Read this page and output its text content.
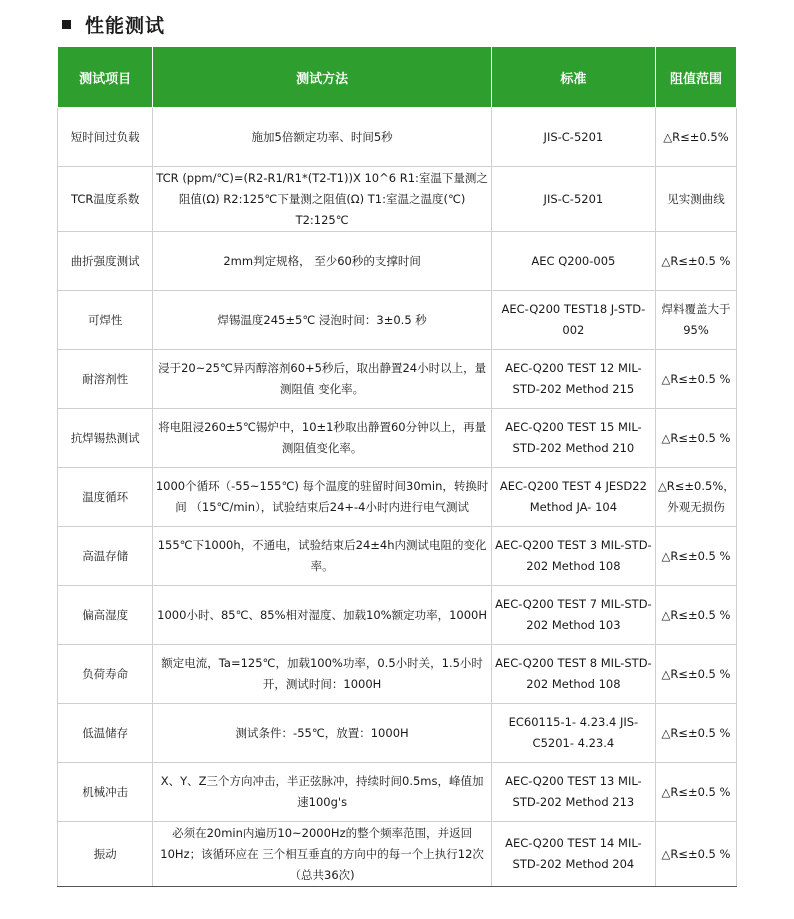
性能测试
测试项目	测试方法	标准	阻值范围
短时间过负载	施加5倍额定功率、时间5秒	JIS-C-5201	△R≤±0.5%
TCR温度系数	TCR (ppm/℃)=(R2-R1/R1*(T2-T1))X 10^6 R1:室温下量测之阻值(Ω) R2:125℃下量测之阻值(Ω) T1:室温之温度(℃) T2:125℃	JIS-C-5201	见实测曲线
曲折强度测试	2mm判定规格， 至少60秒的支撑时间	AEC Q200-005	△R≤±0.5 %
可焊性	焊锡温度245±5℃ 浸泡时间：3±0.5 秒	AEC-Q200 TEST18 J-STD-002	焊料覆盖大于95%
耐溶剂性	浸于20~25℃异丙醇溶剂60+5秒后，取出静置24小时以上，量测阻值 变化率。	AEC-Q200 TEST 12 MIL-STD-202 Method 215	△R≤±0.5 %
抗焊锡热测试	将电阻浸260±5℃锡炉中，10±1秒取出静置60分钟以上，再量测阻值变化率。	AEC-Q200 TEST 15 MIL-STD-202 Method 210	△R≤±0.5 %
温度循环	1000个循环（-55~155℃) 每个温度的驻留时间30min，转换时间 （15℃/min），试验结束后24+-4小时内进行电气测试	AEC-Q200 TEST 4 JESD22 Method JA- 104	△R≤±0.5%，外观无损伤
高温存储	155℃下1000h，不通电，试验结束后24±4h内测试电阻的变化率。	AEC-Q200 TEST 3 MIL-STD-202 Method 108	△R≤±0.5 %
偏高湿度	1000小时、85℃、85%相对湿度、加载10%额定功率，1000H	AEC-Q200 TEST 7 MIL-STD-202 Method 103	△R≤±0.5 %
负荷寿命	额定电流，Ta=125℃，加载100%功率，0.5小时关，1.5小时开，测试时间：1000H	AEC-Q200 TEST 8 MIL-STD-202 Method 108	△R≤±0.5 %
低温储存	测试条件：-55℃，放置：1000H	EC60115-1- 4.23.4 JIS-C5201- 4.23.4	△R≤±0.5 %
机械冲击	X、Y、Z三个方向冲击，半正弦脉冲，持续时间0.5ms，峰值加速100g's	AEC-Q200 TEST 13 MIL-STD-202 Method 213	△R≤±0.5 %
振动	必须在20min内遍历10~2000Hz的整个频率范围，并返回10Hz；该循环应在 三个相互垂直的方向中的每一个上执行12次（总共36次)	AEC-Q200 TEST 14 MIL-STD-202 Method 204	△R≤±0.5 %
